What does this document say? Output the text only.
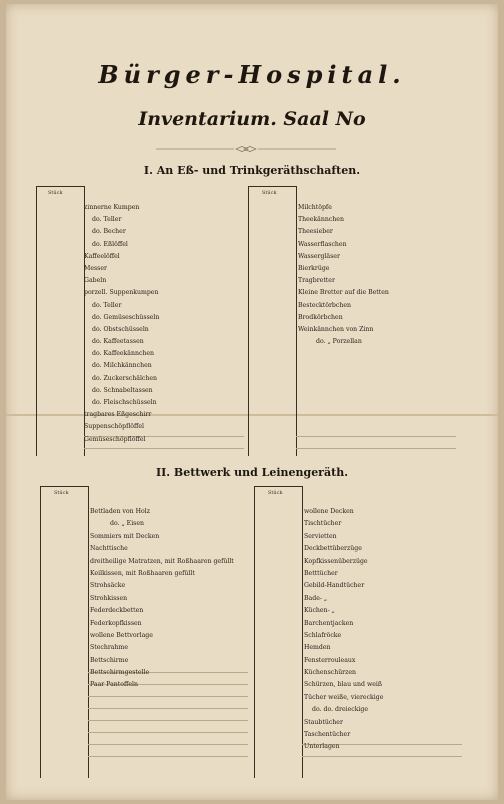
Bürger-Hospital.
Inventarium. Saal No
I. An Eß- und Trinkgeräthschaften.
Stück	Stück
zinnerne Kumpen
do. Teller
do. Becher
do. Eßlöffel
Kaffeelöffel
Messer
Gabeln
porzell. Suppenkumpen
do. Teller
do. Gemüseschüsseln
do. Obstschüsseln
do. Kaffeetassen
do. Kaffeekännchen
do. Milchkännchen
do. Zuckerschälchen
do. Schnabeltassen
do. Fleischschüsseln
tragbares Eßgeschirr
Suppenschöpflöffel
Gemüseschöpflöffel
Milchtöpfe
Theekännchen
Theesieber
Wasserflaschen
Wassergläser
Bierkrüge
Tragbretter
Kleine Bretter auf die Betten
Bestecktörbchen
Brodkörbchen
Weinkännchen von Zinn
do. „ Porzellan
II. Bettwerk und Leinengeräth.
Stück	Stück
Bettladen von Holz
do. „ Eisen
Sommiers mit Decken
Nachttische
dreitheilige Matratzen, mit Roßhaaren gefüllt
Keilkissen, mit Roßhaaren gefüllt
Strohsäcke
Strohkissen
Federdeckbetten
Federkopfkissen
wollene Bettvorlage
Stechrahme
Bettschirme
Bettschirmgestelle
Paar Pantoffeln
wollene Decken
Tischtücher
Servietten
Deckbettüberzüge
Kopfkissenüberzüge
Betttücher
Gebild-Handtücher
Bade- „
Küchen- „
Barchentjacken
Schlafröcke
Hemden
Fensterrouleaux
Küchenschürzen
Schürzen, blau und weiß
Tücher weiße, viereckige
do. do. dreieckige
Staubtücher
Taschentücher
Unterlagen
